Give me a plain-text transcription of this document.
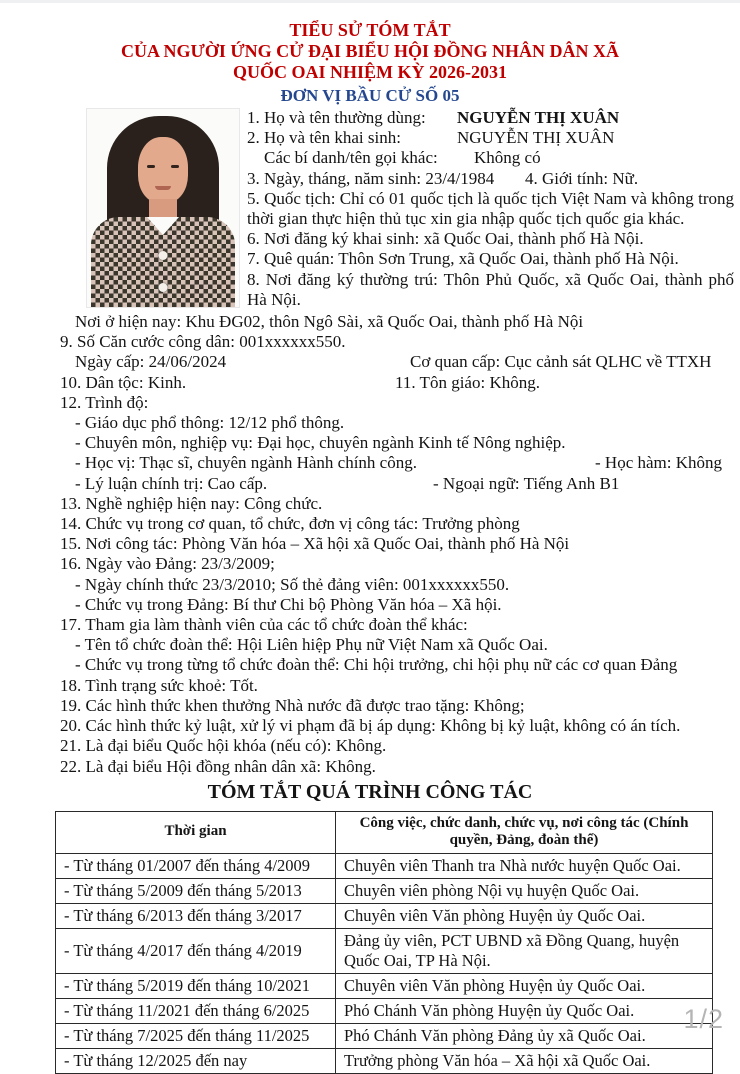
TIỂU SỬ TÓM TẮT
CỦA NGƯỜI ỨNG CỬ ĐẠI BIỂU HỘI ĐỒNG NHÂN DÂN XÃ
QUỐC OAI NHIỆM KỲ 2026-2031
ĐƠN VỊ BẦU CỬ SỐ 05

1. Họ và tên thường dùng: NGUYỄN THỊ XUÂN

2. Họ và tên khai sinh:	NGUYỄN THỊ XUÂN

Các bí danh/tên gọi khác:	Không có

3. Ngày, tháng, năm sinh: 23/4/1984 4. Giới tính: Nữ.

5. Quốc tịch: Chỉ có 01 quốc tịch là quốc tịch Việt Nam và không trong thời gian thực hiện thủ tục xin gia nhập quốc tịch quốc gia khác.

6. Nơi đăng ký khai sinh: xã Quốc Oai, thành phố Hà Nội.

7. Quê quán: Thôn Sơn Trung, xã Quốc Oai, thành phố Hà Nội.

8. Nơi đăng ký thường trú: Thôn Phủ Quốc, xã Quốc Oai, thành phố Hà Nội.

Nơi ở hiện nay: Khu ĐG02, thôn Ngô Sài, xã Quốc Oai, thành phố Hà Nội

9. Số Căn cước công dân: 001xxxxxx550.

Ngày cấp: 24/06/2024	Cơ quan cấp: Cục cảnh sát QLHC về TTXH

10. Dân tộc: Kinh.	11. Tôn giáo: Không.

12. Trình độ:

- Giáo dục phổ thông: 12/12 phổ thông.

- Chuyên môn, nghiệp vụ: Đại học, chuyên ngành Kinh tế Nông nghiệp.

- Học vị: Thạc sĩ, chuyên ngành Hành chính công.	- Học hàm: Không

- Lý luận chính trị: Cao cấp.	- Ngoại ngữ: Tiếng Anh B1

13. Nghề nghiệp hiện nay: Công chức.

14. Chức vụ trong cơ quan, tổ chức, đơn vị công tác: Trưởng phòng

15. Nơi công tác: Phòng Văn hóa – Xã hội xã Quốc Oai, thành phố Hà Nội

16. Ngày vào Đảng: 23/3/2009;

- Ngày chính thức 23/3/2010; Số thẻ đảng viên: 001xxxxxx550.

- Chức vụ trong Đảng: Bí thư Chi bộ Phòng Văn hóa – Xã hội.

17. Tham gia làm thành viên của các tổ chức đoàn thể khác:

- Tên tổ chức đoàn thể: Hội Liên hiệp Phụ nữ Việt Nam xã Quốc Oai.

- Chức vụ trong từng tổ chức đoàn thể: Chi hội trưởng, chi hội phụ nữ các cơ quan Đảng

18. Tình trạng sức khoẻ: Tốt.

19. Các hình thức khen thưởng Nhà nước đã được trao tặng: Không;

20. Các hình thức kỷ luật, xử lý vi phạm đã bị áp dụng: Không bị kỷ luật, không có án tích.

21. Là đại biểu Quốc hội khóa (nếu có): Không.

22. Là đại biểu Hội đồng nhân dân xã: Không.

TÓM TẮT QUÁ TRÌNH CÔNG TÁC
Thời gian	Công việc, chức danh, chức vụ, nơi công tác (Chính quyền, Đảng, đoàn thể)
- Từ tháng 01/2007 đến tháng 4/2009	Chuyên viên Thanh tra Nhà nước huyện Quốc Oai.
- Từ tháng 5/2009 đến tháng 5/2013	Chuyên viên phòng Nội vụ huyện Quốc Oai.
- Từ tháng 6/2013 đến tháng 3/2017	Chuyên viên Văn phòng Huyện ủy Quốc Oai.
- Từ tháng 4/2017 đến tháng 4/2019	Đảng ủy viên, PCT UBND xã Đồng Quang, huyện Quốc Oai, TP Hà Nội.
- Từ tháng 5/2019 đến tháng 10/2021	Chuyên viên Văn phòng Huyện ủy Quốc Oai.
- Từ tháng 11/2021 đến tháng 6/2025	Phó Chánh Văn phòng Huyện ủy Quốc Oai.
- Từ tháng 7/2025 đến tháng 11/2025	Phó Chánh Văn phòng Đảng ủy xã Quốc Oai.
- Từ tháng 12/2025 đến nay	Trưởng phòng Văn hóa – Xã hội xã Quốc Oai.
1/2
